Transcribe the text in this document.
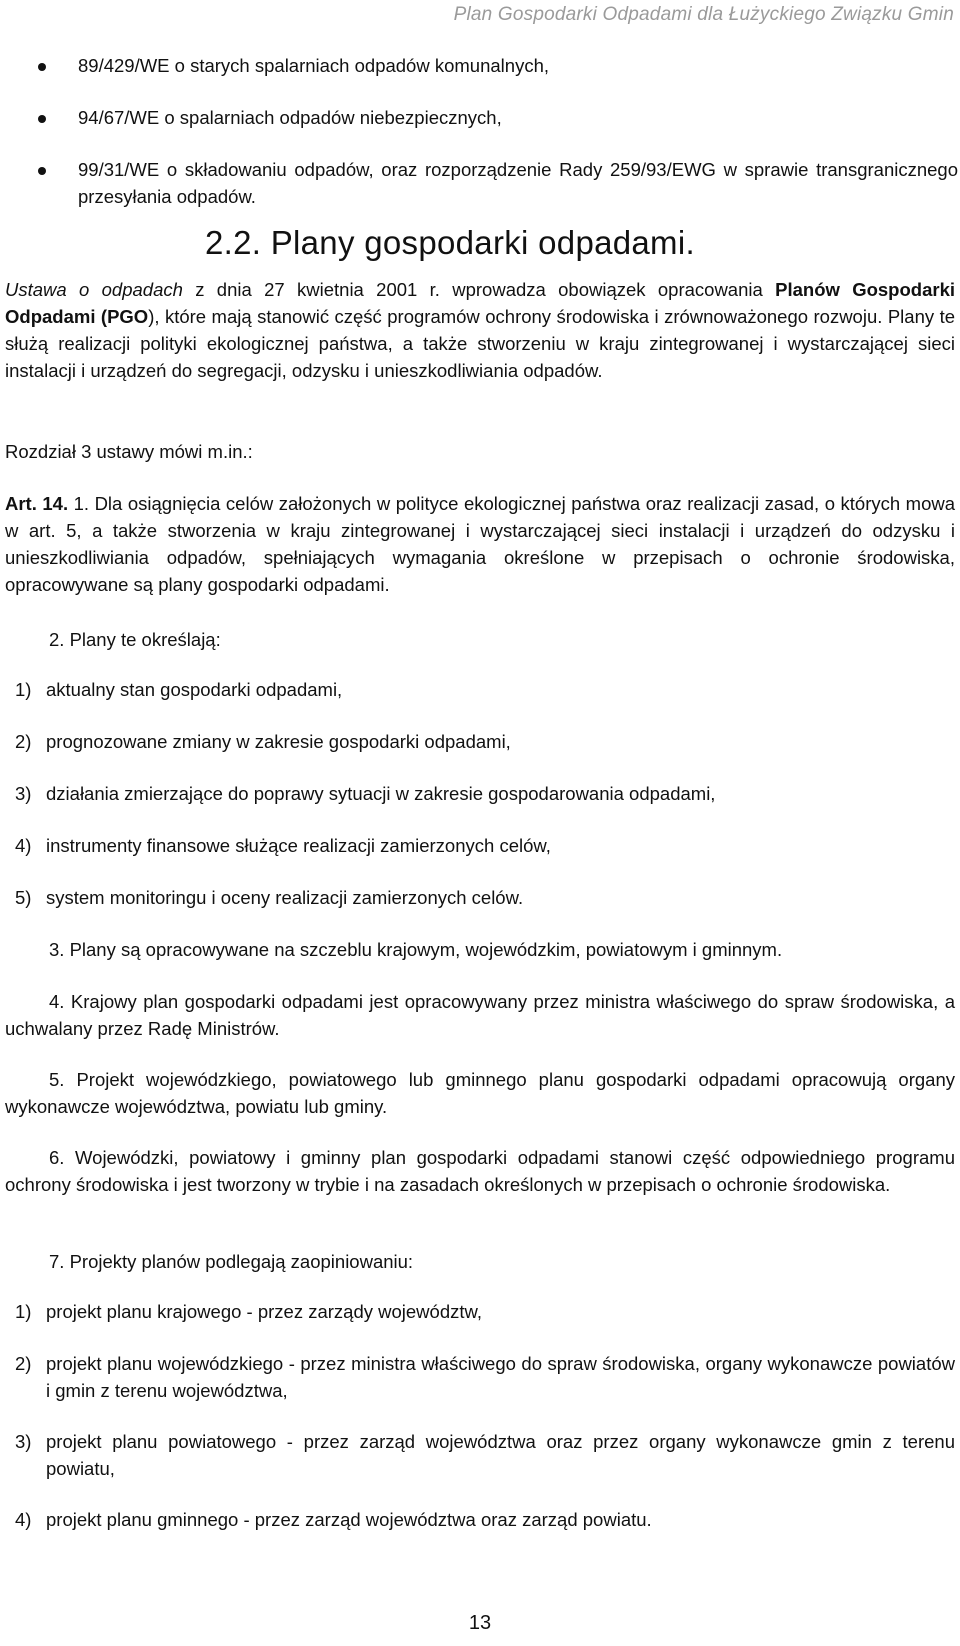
Plan Gospodarki Odpadami dla Łużyckiego Związku Gmin
89/429/WE o starych spalarniach odpadów komunalnych,
94/67/WE o spalarniach odpadów niebezpiecznych,
99/31/WE o składowaniu odpadów, oraz rozporządzenie Rady 259/93/EWG w sprawie transgranicznego przesyłania odpadów.
2.2. Plany gospodarki odpadami.
Ustawa o odpadach z dnia 27 kwietnia 2001 r. wprowadza obowiązek opracowania Planów Gospodarki Odpadami (PGO), które mają stanowić część programów ochrony środowiska i zrównoważonego rozwoju. Plany te służą realizacji polityki ekologicznej państwa, a także stworzeniu w kraju zintegrowanej i wystarczającej sieci instalacji i urządzeń do segregacji, odzysku i unieszkodliwiania odpadów.
Rozdział 3 ustawy mówi m.in.:
Art. 14. 1. Dla osiągnięcia celów założonych w polityce ekologicznej państwa oraz realizacji zasad, o których mowa w art. 5, a także stworzenia w kraju zintegrowanej i wystarczającej sieci instalacji i urządzeń do odzysku i unieszkodliwiania odpadów, spełniających wymagania określone w przepisach o ochronie środowiska, opracowywane są plany gospodarki odpadami.
2. Plany te określają:
1) aktualny stan gospodarki odpadami,
2) prognozowane zmiany w zakresie gospodarki odpadami,
3) działania zmierzające do poprawy sytuacji w zakresie gospodarowania odpadami,
4) instrumenty finansowe służące realizacji zamierzonych celów,
5) system monitoringu i oceny realizacji zamierzonych celów.
3. Plany są opracowywane na szczeblu krajowym, wojewódzkim, powiatowym i gminnym.
4. Krajowy plan gospodarki odpadami jest opracowywany przez ministra właściwego do spraw środowiska, a uchwalany przez Radę Ministrów.
5. Projekt wojewódzkiego, powiatowego lub gminnego planu gospodarki odpadami opracowują organy wykonawcze województwa, powiatu lub gminy.
6. Wojewódzki, powiatowy i gminny plan gospodarki odpadami stanowi część odpowiedniego programu ochrony środowiska i jest tworzony w trybie i na zasadach określonych w przepisach o ochronie środowiska.
7. Projekty planów podlegają zaopiniowaniu:
1) projekt planu krajowego - przez zarządy województw,
2) projekt planu wojewódzkiego - przez ministra właściwego do spraw środowiska, organy wykonawcze powiatów i gmin z terenu województwa,
3) projekt planu powiatowego - przez zarząd województwa oraz przez organy wykonawcze gmin z terenu powiatu,
4) projekt planu gminnego - przez zarząd województwa oraz zarząd powiatu.
13
